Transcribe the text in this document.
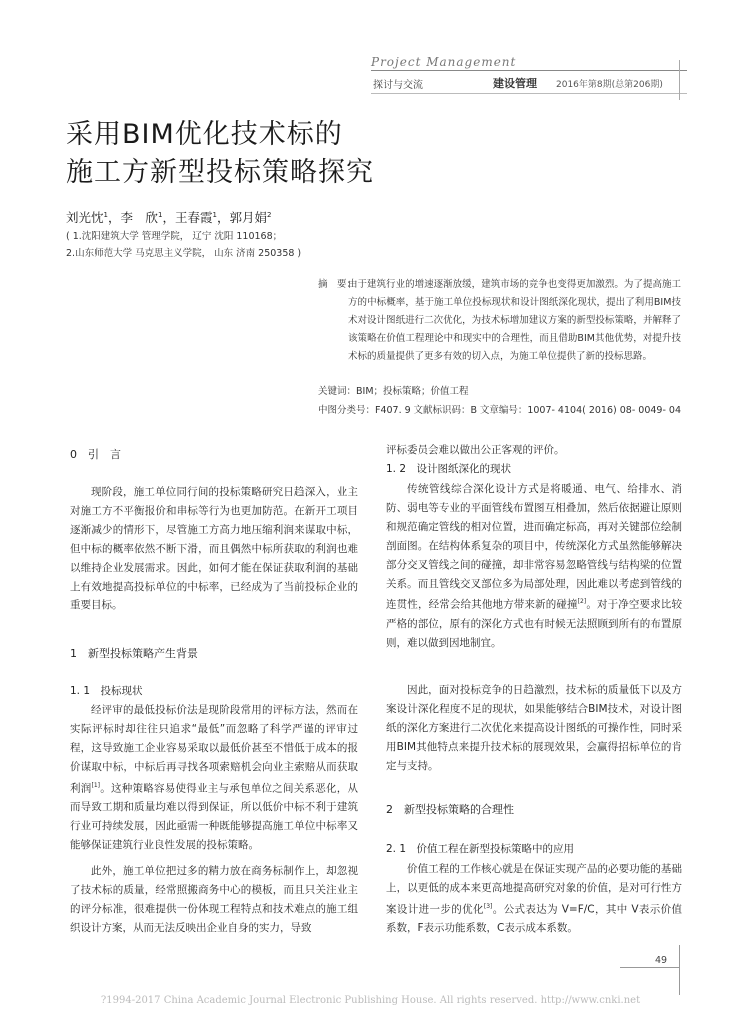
Project Management
探讨与交流	建设管理 2016年第8期(总第206期)
采用BIM优化技术标的
施工方新型投标策略探究
刘光忱$^1$，李　欣$^1$，王春霞$^1$，郭月娟$^2$
( 1.沈阳建筑大学 管理学院， 辽宁 沈阳 110168；
2.山东师范大学 马克思主义学院， 山东 济南 250358 )
摘　要：
由于建筑行业的增速逐渐放缓，建筑市场的竞争也变得更加激烈。为了提高施工方的中标概率，基于施工单位投标现状和设计图纸深化现状，提出了利用BIM技术对设计图纸进行二次优化，为技术标增加建议方案的新型投标策略，并解释了该策略在价值工程理论中和现实中的合理性，而且借助BIM其他优势，对提升技术标的质量提供了更多有效的切入点，为施工单位提供了新的投标思路。
关键词：BIM；投标策略；价值工程
中图分类号：F407. 9 文献标识码：B 文章编号：1007- 4104( 2016) 08- 0049- 04
0　引　言
现阶段，施工单位同行间的投标策略研究日趋深入，业主对施工方不平衡报价和串标等行为也更加防范。在新开工项目逐渐减少的情形下，尽管施工方高力地压缩利润来谋取中标，但中标的概率依然不断下滑，而且偶然中标所获取的利润也难以维持企业发展需求。因此，如何才能在保证获取利润的基础上有效地提高投标单位的中标率，已经成为了当前投标企业的重要目标。
1　新型投标策略产生背景
1. 1　投标现状
经评审的最低投标价法是现阶段常用的评标方法，然而在实际评标时却往往只追求“最低”而忽略了科学严谨的评审过程，这导致施工企业容易采取以最低价甚至不惜低于成本的报价谋取中标，中标后再寻找各项索赔机会向业主索赔从而获取利润[1]。这种策略容易使得业主与承包单位之间关系恶化，从而导致工期和质量均难以得到保证，所以低价中标不利于建筑行业可持续发展，因此亟需一种既能够提高施工单位中标率又能够保证建筑行业良性发展的投标策略。
此外，施工单位把过多的精力放在商务标制作上，却忽视了技术标的质量，经常照搬商务中心的模板，而且只关注业主的评分标准，很难提供一份体现工程特点和技术难点的施工组织设计方案，从而无法反映出企业自身的实力，导致
评标委员会难以做出公正客观的评价。
1. 2　设计图纸深化的现状
传统管线综合深化设计方式是将暖通、电气、给排水、消防、弱电等专业的平面管线布置图互相叠加，然后依据避让原则和规范确定管线的相对位置，进而确定标高，再对关键部位绘制剖面图。在结构体系复杂的项目中，传统深化方式虽然能够解决部分交叉管线之间的碰撞，却非常容易忽略管线与结构梁的位置关系。而且管线交叉部位多为局部处理，因此难以考虑到管线的连贯性，经常会给其他地方带来新的碰撞[2]。对于净空要求比较严格的部位，原有的深化方式也有时候无法照顾到所有的布置原则，难以做到因地制宜。
因此，面对投标竞争的日趋激烈，技术标的质量低下以及方案设计深化程度不足的现状，如果能够结合BIM技术，对设计图纸的深化方案进行二次优化来提高设计图纸的可操作性，同时采用BIM其他特点来提升技术标的展现效果，会赢得招标单位的肯定与支持。
2　新型投标策略的合理性
2. 1　价值工程在新型投标策略中的应用
价值工程的工作核心就是在保证实现产品的必要功能的基础上，以更低的成本来更高地提高研究对象的价值，是对可行性方案设计进一步的优化[3]。公式表达为 V=F/C，其中 V表示价值系数，F表示功能系数，C表示成本系数。
49
?1994-2017 China Academic Journal Electronic Publishing House. All rights reserved. http://www.cnki.net
